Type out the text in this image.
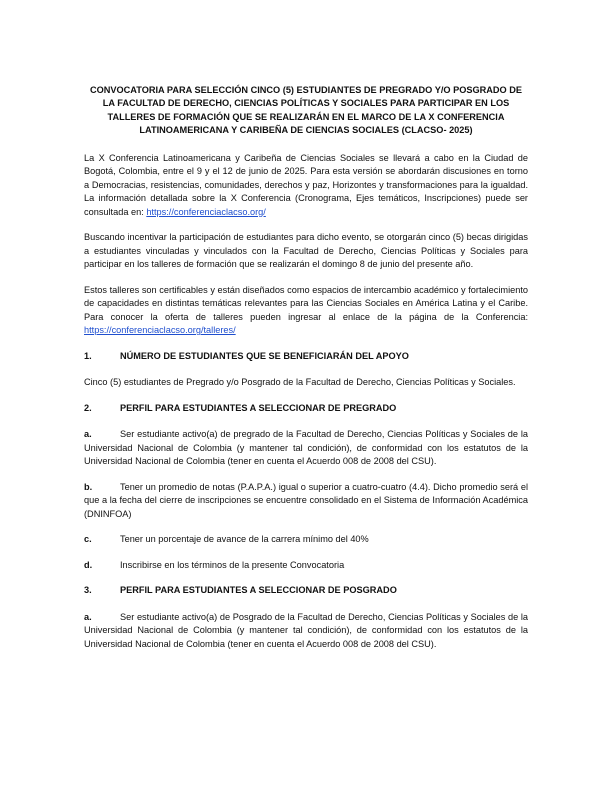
CONVOCATORIA PARA SELECCIÓN CINCO (5) ESTUDIANTES DE PREGRADO Y/O POSGRADO DE LA FACULTAD DE DERECHO, CIENCIAS POLÍTICAS Y SOCIALES PARA PARTICIPAR EN LOS TALLERES DE FORMACIÓN QUE SE REALIZARÁN EN EL MARCO DE LA X CONFERENCIA LATINOAMERICANA Y CARIBEÑA DE CIENCIAS SOCIALES (CLACSO- 2025)
La X Conferencia Latinoamericana y Caribeña de Ciencias Sociales se llevará a cabo en la Ciudad de Bogotá, Colombia, entre el 9 y el 12 de junio de 2025. Para esta versión se abordarán discusiones en torno a Democracias, resistencias, comunidades, derechos y paz, Horizontes y transformaciones para la igualdad. La información detallada sobre la X Conferencia (Cronograma, Ejes temáticos, Inscripciones) puede ser consultada en: https://conferenciaclacso.org/
Buscando incentivar la participación de estudiantes para dicho evento, se otorgarán cinco (5) becas dirigidas a estudiantes vinculadas y vinculados con la Facultad de Derecho, Ciencias Políticas y Sociales para participar en los talleres de formación que se realizarán el domingo 8 de junio del presente año.
Estos talleres son certificables y están diseñados como espacios de intercambio académico y fortalecimiento de capacidades en distintas temáticas relevantes para las Ciencias Sociales en América Latina y el Caribe. Para conocer la oferta de talleres pueden ingresar al enlace de la página de la Conferencia: https://conferenciaclacso.org/talleres/
1.	NÚMERO DE ESTUDIANTES QUE SE BENEFICIARÁN DEL APOYO
Cinco (5) estudiantes de Pregrado y/o Posgrado de la Facultad de Derecho, Ciencias Políticas y Sociales.
2.	PERFIL PARA ESTUDIANTES A SELECCIONAR DE PREGRADO
a.	Ser estudiante activo(a) de pregrado de la Facultad de Derecho, Ciencias Políticas y Sociales de la Universidad Nacional de Colombia (y mantener tal condición), de conformidad con los estatutos de la Universidad Nacional de Colombia (tener en cuenta el Acuerdo 008 de 2008 del CSU).
b.	Tener un promedio de notas (P.A.P.A.) igual o superior a cuatro-cuatro (4.4). Dicho promedio será el que a la fecha del cierre de inscripciones se encuentre consolidado en el Sistema de Información Académica (DNINFOA)
c.	Tener un porcentaje de avance de la carrera mínimo del 40%
d.	Inscribirse en los términos de la presente Convocatoria
3.	PERFIL PARA ESTUDIANTES A SELECCIONAR DE POSGRADO
a.	Ser estudiante activo(a) de Posgrado de la Facultad de Derecho, Ciencias Políticas y Sociales de la Universidad Nacional de Colombia (y mantener tal condición), de conformidad con los estatutos de la Universidad Nacional de Colombia (tener en cuenta el Acuerdo 008 de 2008 del CSU).
